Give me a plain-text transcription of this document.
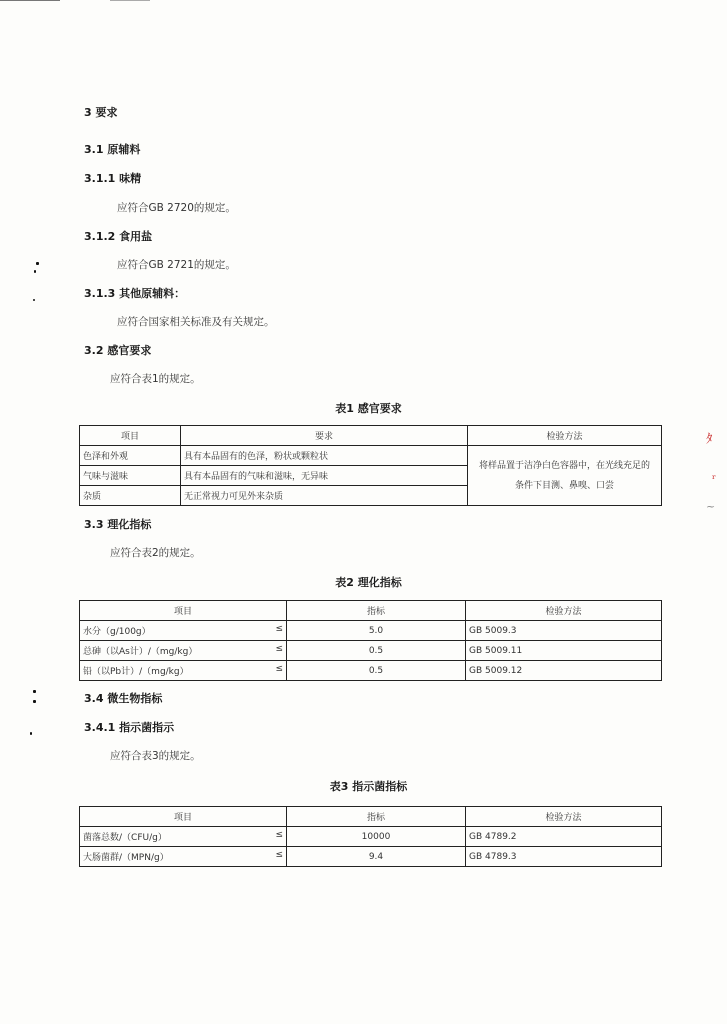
ﾀ
ᵣ
~
3 要求
3.1 原辅料
3.1.1 味精
应符合GB 2720的规定。
3.1.2 食用盐
应符合GB 2721的规定。
3.1.3 其他原辅料：
应符合国家相关标准及有关规定。
3.2 感官要求
应符合表1的规定。
表1 感官要求
项目	要求	检验方法
色泽和外观	具有本品固有的色泽，粉状或颗粒状	将样品置于洁净白色容器中，在光线充足的条件下目测、鼻嗅、口尝
气味与滋味	具有本品固有的气味和滋味，无异味	
杂质	无正常视力可见外来杂质	
3.3 理化指标
应符合表2的规定。
表2 理化指标
项目	指标	检验方法
水分（g/100g） ≤	5.0	GB 5009.3
总砷（以As计）/（mg/kg） ≤	0.5	GB 5009.11
铅（以Pb计）/（mg/kg） ≤	0.5	GB 5009.12
3.4 微生物指标
3.4.1 指示菌指示
应符合表3的规定。
表3 指示菌指标
项目	指标	检验方法
菌落总数/（CFU/g） ≤	10000	GB 4789.2
大肠菌群/（MPN/g） ≤	9.4	GB 4789.3
